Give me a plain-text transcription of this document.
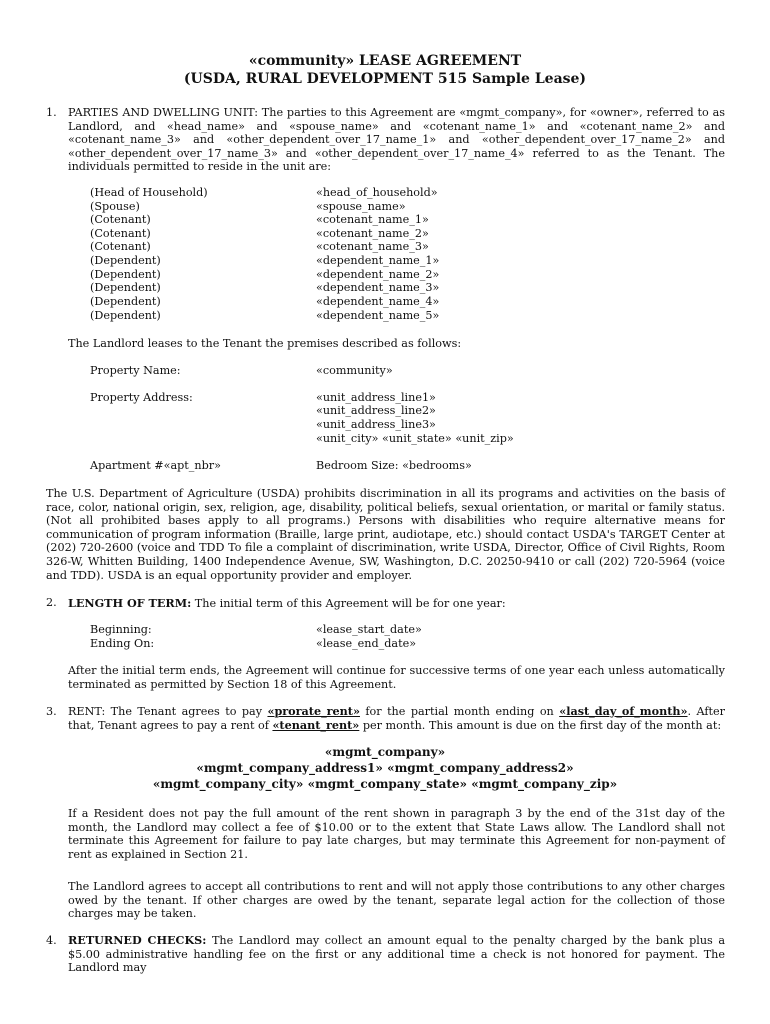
«community» LEASE AGREEMENT
(USDA, RURAL DEVELOPMENT 515 Sample Lease)
1. PARTIES AND DWELLING UNIT: The parties to this Agreement are «mgmt_company», for «owner», referred to as Landlord, and «head_name» and «spouse_name» and «cotenant_name_1» and «cotenant_name_2» and «cotenant_name_3» and «other_dependent_over_17_name_1» and «other_dependent_over_17_name_2» and «other_dependent_over_17_name_3» and «other_dependent_over_17_name_4» referred to as the Tenant. The individuals permitted to reside in the unit are:
(Head of Household)	«head_of_household»
(Spouse)	«spouse_name»
(Cotenant)	«cotenant_name_1»
(Cotenant)	«cotenant_name_2»
(Cotenant)	«cotenant_name_3»
(Dependent)	«dependent_name_1»
(Dependent)	«dependent_name_2»
(Dependent)	«dependent_name_3»
(Dependent)	«dependent_name_4»
(Dependent)	«dependent_name_5»
The Landlord leases to the Tenant the premises described as follows:
Property Name:	«community»
Property Address:	«unit_address_line1»
«unit_address_line2»
«unit_address_line3»
«unit_city» «unit_state» «unit_zip»
Apartment #«apt_nbr»	Bedroom Size: «bedrooms»
The U.S. Department of Agriculture (USDA) prohibits discrimination in all its programs and activities on the basis of race, color, national origin, sex, religion, age, disability, political beliefs, sexual orientation, or marital or family status. (Not all prohibited bases apply to all programs.) Persons with disabilities who require alternative means for communication of program information (Braille, large print, audiotape, etc.) should contact USDA's TARGET Center at (202) 720-2600 (voice and TDD To file a complaint of discrimination, write USDA, Director, Office of Civil Rights, Room 326-W, Whitten Building, 1400 Independence Avenue, SW, Washington, D.C. 20250-9410 or call (202) 720-5964 (voice and TDD). USDA is an equal opportunity provider and employer.
2. LENGTH OF TERM: The initial term of this Agreement will be for one year:
Beginning:	«lease_start_date»
Ending On:	«lease_end_date»
After the initial term ends, the Agreement will continue for successive terms of one year each unless automatically terminated as permitted by Section 18 of this Agreement.
3. RENT: The Tenant agrees to pay «prorate_rent» for the partial month ending on «last_day_of_month». After that, Tenant agrees to pay a rent of «tenant_rent» per month. This amount is due on the first day of the month at:
«mgmt_company»
«mgmt_company_address1» «mgmt_company_address2»
«mgmt_company_city» «mgmt_company_state» «mgmt_company_zip»
If a Resident does not pay the full amount of the rent shown in paragraph 3 by the end of the 31st day of the month, the Landlord may collect a fee of $10.00 or to the extent that State Laws allow. The Landlord shall not terminate this Agreement for failure to pay late charges, but may terminate this Agreement for non-payment of rent as explained in Section 21.
The Landlord agrees to accept all contributions to rent and will not apply those contributions to any other charges owed by the tenant. If other charges are owed by the tenant, separate legal action for the collection of those charges may be taken.
4. RETURNED CHECKS: The Landlord may collect an amount equal to the penalty charged by the bank plus a $5.00 administrative handling fee on the first or any additional time a check is not honored for payment. The Landlord may
